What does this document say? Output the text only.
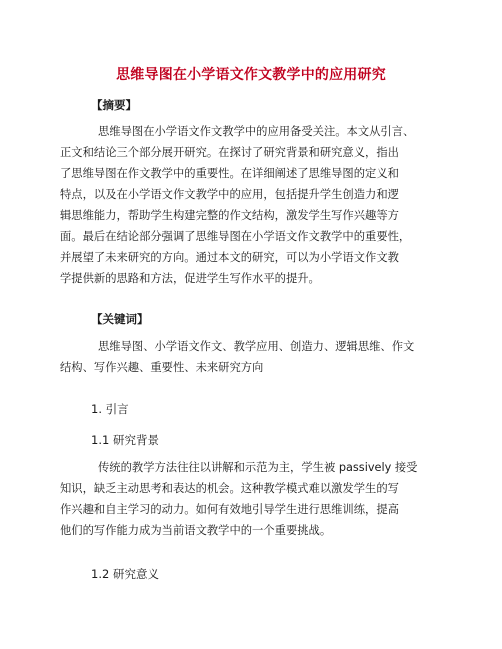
思维导图在小学语文作文教学中的应用研究
【摘要】
思维导图在小学语文作文教学中的应用备受关注。本文从引言、
正文和结论三个部分展开研究。在探讨了研究背景和研究意义，指出
了思维导图在作文教学中的重要性。在详细阐述了思维导图的定义和
特点，以及在小学语文作文教学中的应用，包括提升学生创造力和逻
辑思维能力，帮助学生构建完整的作文结构，激发学生写作兴趣等方
面。最后在结论部分强调了思维导图在小学语文作文教学中的重要性，
并展望了未来研究的方向。通过本文的研究，可以为小学语文作文教
学提供新的思路和方法，促进学生写作水平的提升。
【关键词】
思维导图、小学语文作文、教学应用、创造力、逻辑思维、作文
结构、写作兴趣、重要性、未来研究方向
1. 引言
1.1 研究背景
传统的教学方法往往以讲解和示范为主，学生被 passively 接受
知识，缺乏主动思考和表达的机会。这种教学模式难以激发学生的写
作兴趣和自主学习的动力。如何有效地引导学生进行思维训练，提高
他们的写作能力成为当前语文教学中的一个重要挑战。
1.2 研究意义
